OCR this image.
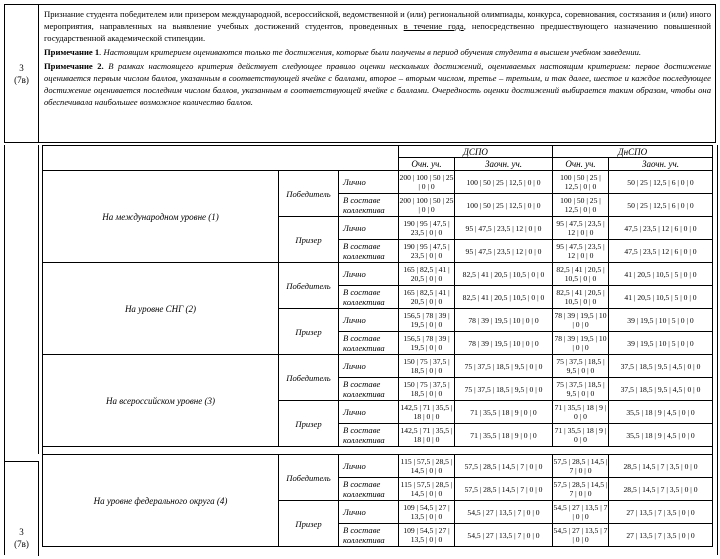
3
(7в)

Признание студента победителем или призером международной, всероссийской, ведомственной и (или) региональной олимпиады, конкурса, соревнования, состязания и (или) иного мероприятия, направленных на выявление учебных достижений студентов, проведенных в течение года, непосредственно предшествующего назначению повышенной государственной академической стипендии.

Примечание 1. Настоящим критерием оцениваются только те достижения, которые были получены в период обучения студента в высшем учебном заведении.

Примечание 2. В рамках настоящего критерия действует следующее правило оценки нескольких достижений, оцениваемых настоящим критерием: первое достижение оценивается первым числом баллов, указанным в соответствующей ячейке с баллами, второе – вторым числом, третье – третьим, и так далее, шестое и каждое последующее достижение оценивается последним числом баллов, указанным в соответствующей ячейке с баллами. Очередность оценки достижений выбирается таким образом, чтобы она обеспечивала наибольшее возможное количество баллов.

3
(7в)
			ДСПО		ДнСПО	
			Очн. уч.	Заочн. уч.	Очн. уч.	Заочн. уч.
На международном уровне (1)	Победитель	Лично	200 | 100 | 50 | 25 | 0 | 0	100 | 50 | 25 | 12,5 | 0 | 0	100 | 50 | 25 | 12,5 | 0 | 0	50 | 25 | 12,5 | 6 | 0 | 0
		В составе коллектива	200 | 100 | 50 | 25 | 0 | 0	100 | 50 | 25 | 12,5 | 0 | 0	100 | 50 | 25 | 12,5 | 0 | 0	50 | 25 | 12,5 | 6 | 0 | 0
	Призер	Лично	190 | 95 | 47,5 | 23,5 | 0 | 0	95 | 47,5 | 23,5 | 12 | 0 | 0	95 | 47,5 | 23,5 | 12 | 0 | 0	47,5 | 23,5 | 12 | 6 | 0 | 0
		В составе коллектива	190 | 95 | 47,5 | 23,5 | 0 | 0	95 | 47,5 | 23,5 | 12 | 0 | 0	95 | 47,5 | 23,5 | 12 | 0 | 0	47,5 | 23,5 | 12 | 6 | 0 | 0
На уровне СНГ (2)	Победитель	Лично	165 | 82,5 | 41 | 20,5 | 0 | 0	82,5 | 41 | 20,5 | 10,5 | 0 | 0	82,5 | 41 | 20,5 | 10,5 | 0 | 0	41 | 20,5 | 10,5 | 5 | 0 | 0
		В составе коллектива	165 | 82,5 | 41 | 20,5 | 0 | 0	82,5 | 41 | 20,5 | 10,5 | 0 | 0	82,5 | 41 | 20,5 | 10,5 | 0 | 0	41 | 20,5 | 10,5 | 5 | 0 | 0
	Призер	Лично	156,5 | 78 | 39 | 19,5 | 0 | 0	78 | 39 | 19,5 | 10 | 0 | 0	78 | 39 | 19,5 | 10 | 0 | 0	39 | 19,5 | 10 | 5 | 0 | 0
		В составе коллектива	156,5 | 78 | 39 | 19,5 | 0 | 0	78 | 39 | 19,5 | 10 | 0 | 0	78 | 39 | 19,5 | 10 | 0 | 0	39 | 19,5 | 10 | 5 | 0 | 0
На всероссийском уровне (3)	Победитель	Лично	150 | 75 | 37,5 | 18,5 | 0 | 0	75 | 37,5 | 18,5 | 9,5 | 0 | 0	75 | 37,5 | 18,5 | 9,5 | 0 | 0	37,5 | 18,5 | 9,5 | 4,5 | 0 | 0
		В составе коллектива	150 | 75 | 37,5 | 18,5 | 0 | 0	75 | 37,5 | 18,5 | 9,5 | 0 | 0	75 | 37,5 | 18,5 | 9,5 | 0 | 0	37,5 | 18,5 | 9,5 | 4,5 | 0 | 0
	Призер	Лично	142,5 | 71 | 35,5 | 18 | 0 | 0	71 | 35,5 | 18 | 9 | 0 | 0	71 | 35,5 | 18 | 9 | 0 | 0	35,5 | 18 | 9 | 4,5 | 0 | 0
		В составе коллектива	142,5 | 71 | 35,5 | 18 | 0 | 0	71 | 35,5 | 18 | 9 | 0 | 0	71 | 35,5 | 18 | 9 | 0 | 0	35,5 | 18 | 9 | 4,5 | 0 | 0

На уровне федерального округа (4)	Победитель	Лично	115 | 57,5 | 28,5 | 14,5 | 0 | 0	57,5 | 28,5 | 14,5 | 7 | 0 | 0	57,5 | 28,5 | 14,5 | 7 | 0 | 0	28,5 | 14,5 | 7 | 3,5 | 0 | 0
		В составе коллектива	115 | 57,5 | 28,5 | 14,5 | 0 | 0	57,5 | 28,5 | 14,5 | 7 | 0 | 0	57,5 | 28,5 | 14,5 | 7 | 0 | 0	28,5 | 14,5 | 7 | 3,5 | 0 | 0
	Призер	Лично	109 | 54,5 | 27 | 13,5 | 0 | 0	54,5 | 27 | 13,5 | 7 | 0 | 0	54,5 | 27 | 13,5 | 7 | 0 | 0	27 | 13,5 | 7 | 3,5 | 0 | 0
		В составе коллектива	109 | 54,5 | 27 | 13,5 | 0 | 0	54,5 | 27 | 13,5 | 7 | 0 | 0	54,5 | 27 | 13,5 | 7 | 0 | 0	27 | 13,5 | 7 | 3,5 | 0 | 0
